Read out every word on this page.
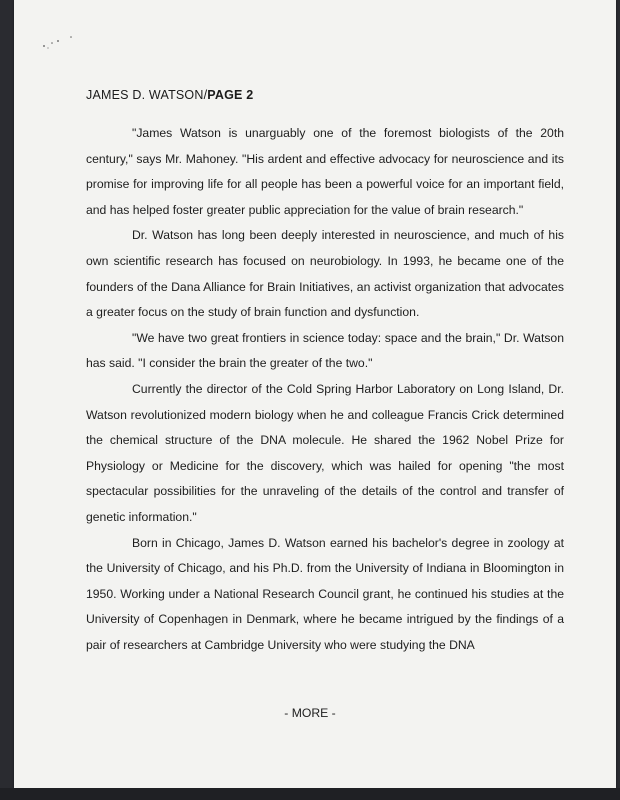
JAMES D. WATSON/PAGE 2

"James Watson is unarguably one of the foremost biologists of the 20th century," says Mr. Mahoney. "His ardent and effective advocacy for neuroscience and its promise for improving life for all people has been a powerful voice for an important field, and has helped foster greater public appreciation for the value of brain research."

Dr. Watson has long been deeply interested in neuroscience, and much of his own scientific research has focused on neurobiology. In 1993, he became one of the founders of the Dana Alliance for Brain Initiatives, an activist organization that advocates a greater focus on the study of brain function and dysfunction.

"We have two great frontiers in science today: space and the brain," Dr. Watson has said. "I consider the brain the greater of the two."

Currently the director of the Cold Spring Harbor Laboratory on Long Island, Dr. Watson revolutionized modern biology when he and colleague Francis Crick determined the chemical structure of the DNA molecule. He shared the 1962 Nobel Prize for Physiology or Medicine for the discovery, which was hailed for opening "the most spectacular possibilities for the unraveling of the details of the control and transfer of genetic information."

Born in Chicago, James D. Watson earned his bachelor's degree in zoology at the University of Chicago, and his Ph.D. from the University of Indiana in Bloomington in 1950. Working under a National Research Council grant, he continued his studies at the University of Copenhagen in Denmark, where he became intrigued by the findings of a pair of researchers at Cambridge University who were studying the DNA

- MORE -
